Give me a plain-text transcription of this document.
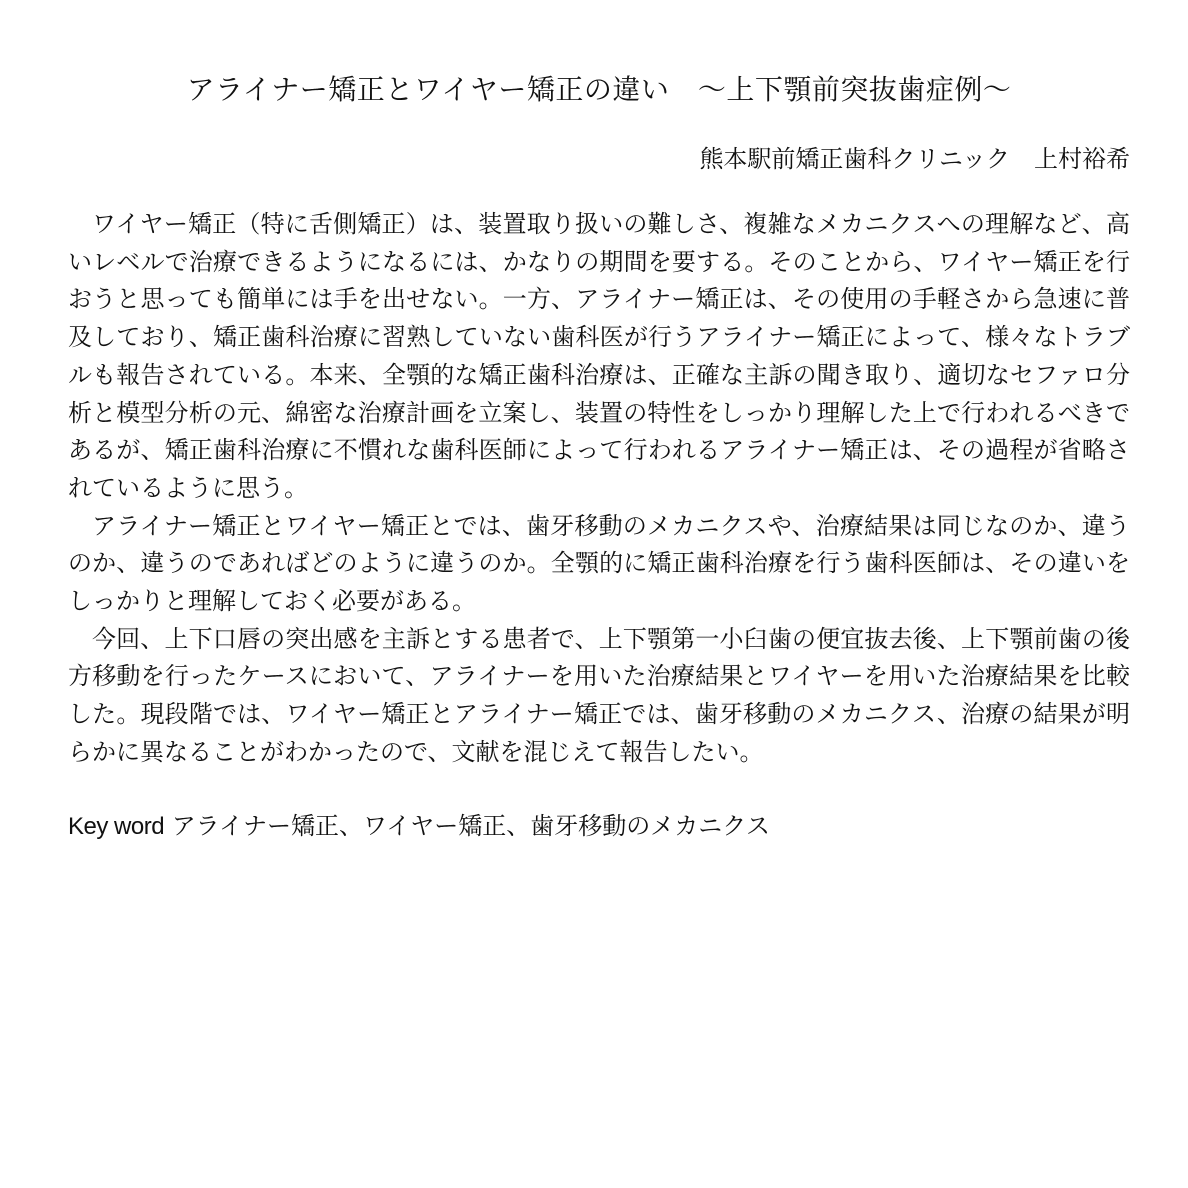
アライナー矯正とワイヤー矯正の違い　〜上下顎前突抜歯症例〜

熊本駅前矯正歯科クリニック　上村裕希

ワイヤー矯正（特に舌側矯正）は、装置取り扱いの難しさ、複雑なメカニクスへの理解など、高いレベルで治療できるようになるには、かなりの期間を要する。そのことから、ワイヤー矯正を行おうと思っても簡単には手を出せない。一方、アライナー矯正は、その使用の手軽さから急速に普及しており、矯正歯科治療に習熟していない歯科医が行うアライナー矯正によって、様々なトラブルも報告されている。本来、全顎的な矯正歯科治療は、正確な主訴の聞き取り、適切なセファロ分析と模型分析の元、綿密な治療計画を立案し、装置の特性をしっかり理解した上で行われるべきであるが、矯正歯科治療に不慣れな歯科医師によって行われるアライナー矯正は、その過程が省略されているように思う。

アライナー矯正とワイヤー矯正とでは、歯牙移動のメカニクスや、治療結果は同じなのか、違うのか、違うのであればどのように違うのか。全顎的に矯正歯科治療を行う歯科医師は、その違いをしっかりと理解しておく必要がある。

今回、上下口唇の突出感を主訴とする患者で、上下顎第一小臼歯の便宜抜去後、上下顎前歯の後方移動を行ったケースにおいて、アライナーを用いた治療結果とワイヤーを用いた治療結果を比較した。現段階では、ワイヤー矯正とアライナー矯正では、歯牙移動のメカニクス、治療の結果が明らかに異なることがわかったので、文献を混じえて報告したい。

Key word アライナー矯正、ワイヤー矯正、歯牙移動のメカニクス
